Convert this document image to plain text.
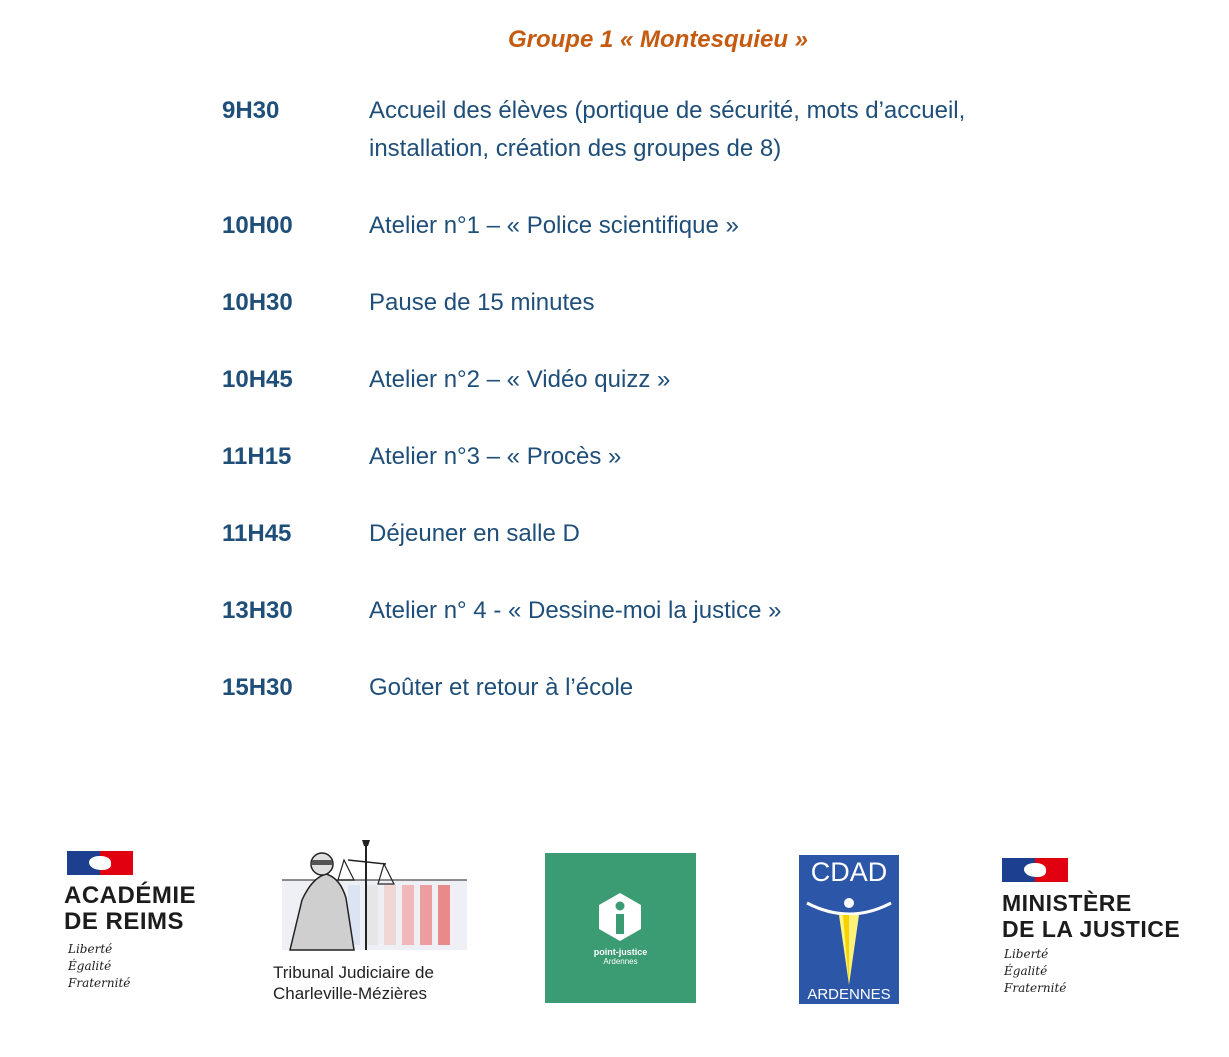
Groupe 1 « Montesquieu »
9H30	Accueil des élèves (portique de sécurité, mots d’accueil,
installation, création des groupes de 8)
10H00	Atelier n°1 – « Police scientifique »
10H30	Pause de 15 minutes
10H45	Atelier n°2 – « Vidéo quizz »
11H15	Atelier n°3 – « Procès »
11H45	Déjeuner en salle D
13H30	Atelier n° 4 - « Dessine-moi la justice »
15H30	Goûter et retour à l’école
ACADÉMIE
DE REIMS
Liberté
Égalité
Fraternité
Tribunal Judiciaire de
Charleville-Mézières
point-justice
Ardennes
CDAD
ARDENNES
MINISTÈRE
DE LA JUSTICE
Liberté
Égalité
Fraternité
